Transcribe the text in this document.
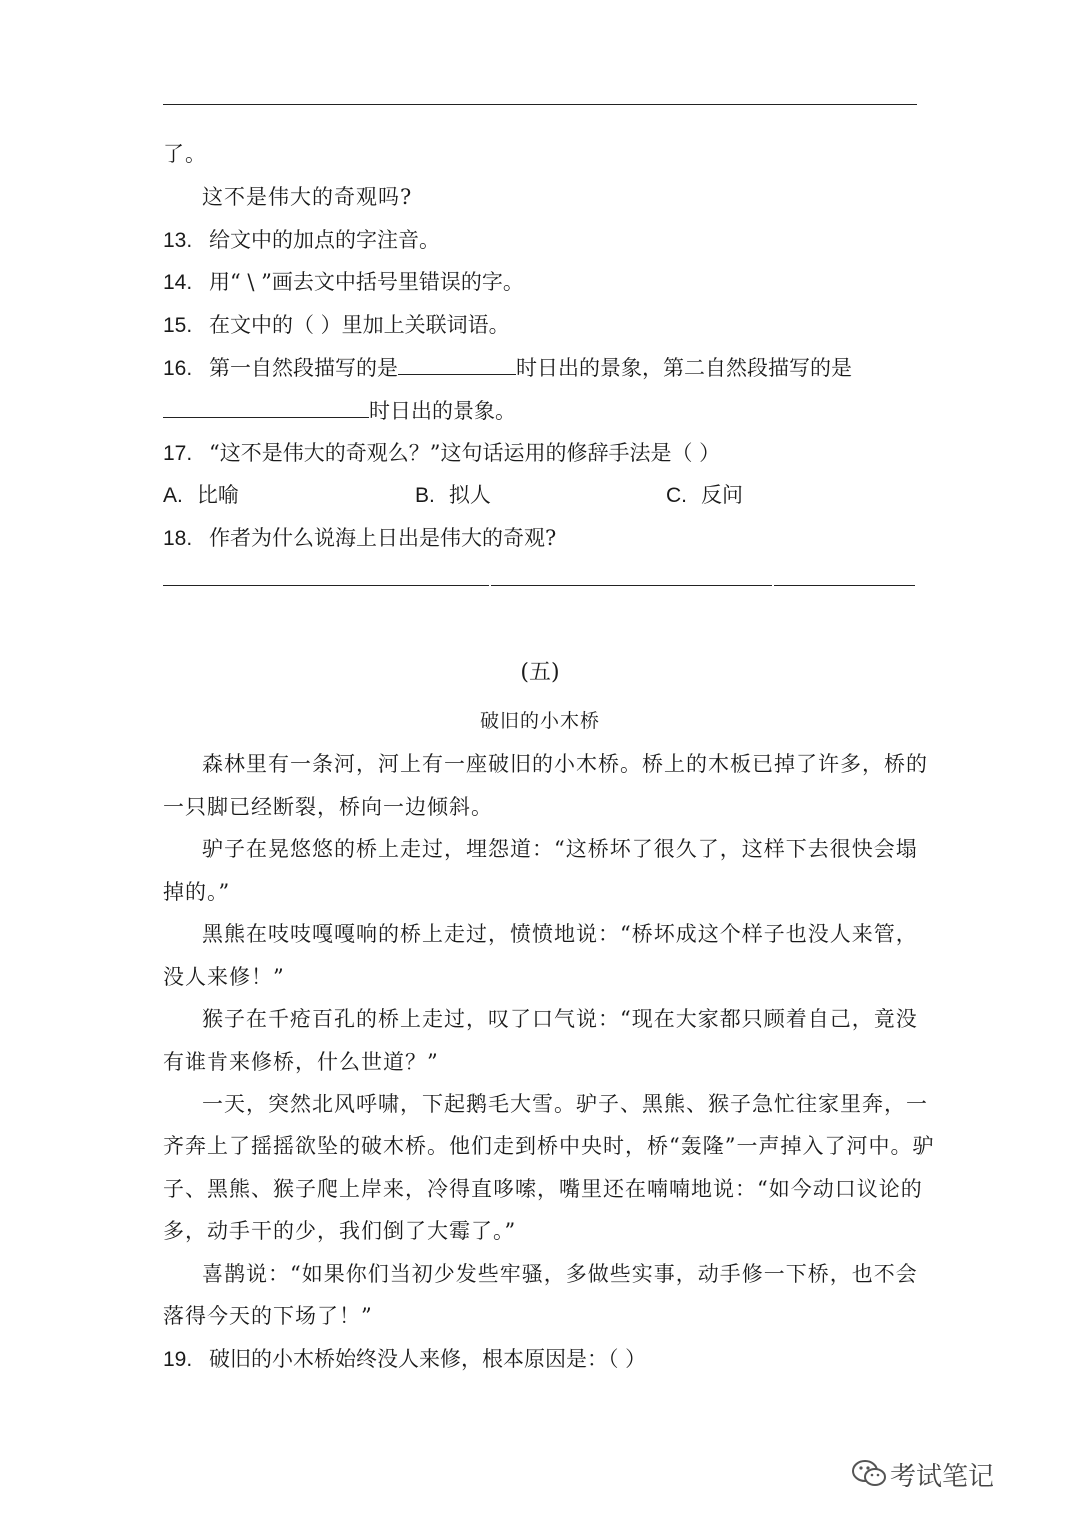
了。
这不是伟大的奇观吗?
13. 给文中的加点的字注音。
14. 用“ \ ”画去文中括号里错误的字。
15. 在文中的（ ）里加上关联词语。
16. 第一自然段描写的是	时日出的景象，第二自然段描写的是
时日出的景象。
17. “这不是伟大的奇观么？”这句话运用的修辞手法是（ ）
A. 比喻	B. 拟人	C. 反问
18. 作者为什么说海上日出是伟大的奇观?
(五)
破旧的小木桥
森林里有一条河，河上有一座破旧的小木桥。桥上的木板已掉了许多，桥的
一只脚已经断裂，桥向一边倾斜。
驴子在晃悠悠的桥上走过，埋怨道：“这桥坏了很久了，这样下去很快会塌
掉的。”
黑熊在吱吱嘎嘎响的桥上走过，愤愤地说：“桥坏成这个样子也没人来管，
没人来修！”
猴子在千疮百孔的桥上走过，叹了口气说：“现在大家都只顾着自己，竟没
有谁肯来修桥，什么世道？”
一天，突然北风呼啸，下起鹅毛大雪。驴子、黑熊、猴子急忙往家里奔，一
齐奔上了摇摇欲坠的破木桥。他们走到桥中央时，桥“轰隆”一声掉入了河中。驴
子、黑熊、猴子爬上岸来，冷得直哆嗦，嘴里还在喃喃地说：“如今动口议论的
多，动手干的少，我们倒了大霉了。”
喜鹊说：“如果你们当初少发些牢骚，多做些实事，动手修一下桥，也不会
落得今天的下场了！”
19. 破旧的小木桥始终没人来修，根本原因是：（ ）
考试笔记
